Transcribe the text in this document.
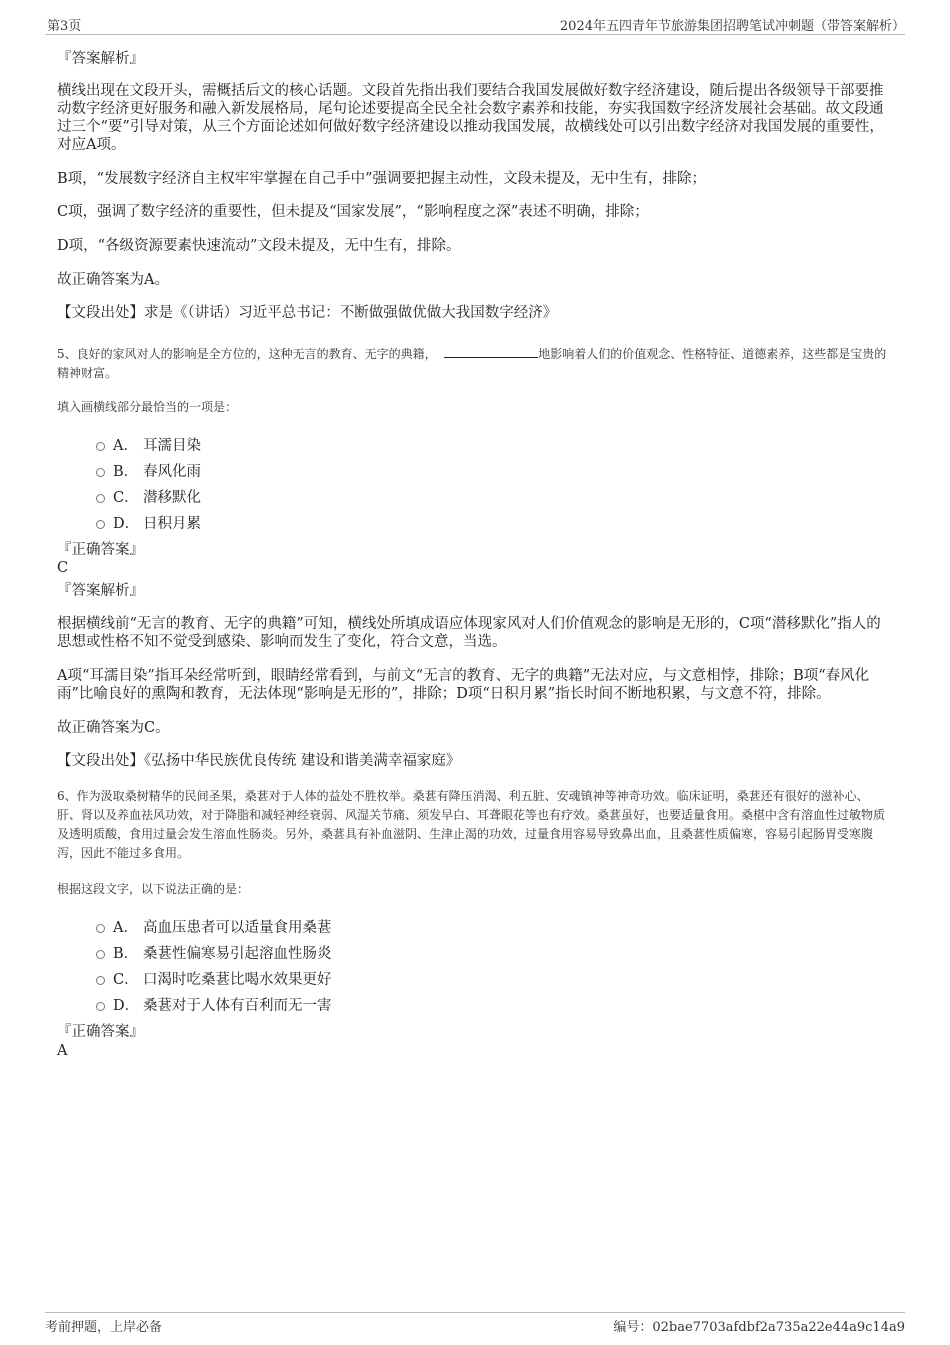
第3页	2024年五四青年节旅游集团招聘笔试冲刺题（带答案解析）
『答案解析』
横线出现在文段开头，需概括后文的核心话题。文段首先指出我们要结合我国发展做好数字经济建设，随后提出各级领导干部要推动数字经济更好服务和融入新发展格局，尾句论述要提高全民全社会数字素养和技能，夯实我国数字经济发展社会基础。故文段通过三个“要”引导对策，从三个方面论述如何做好数字经济建设以推动我国发展，故横线处可以引出数字经济对我国发展的重要性，对应A项。
B项，“发展数字经济自主权牢牢掌握在自己手中”强调要把握主动性，文段未提及，无中生有，排除；
C项，强调了数字经济的重要性，但未提及“国家发展”，“影响程度之深”表述不明确，排除；
D项，“各级资源要素快速流动”文段未提及，无中生有，排除。
故正确答案为A。
【文段出处】求是《（讲话）习近平总书记：不断做强做优做大我国数字经济》
5、良好的家风对人的影响是全方位的，这种无言的教育、无字的典籍，	地影响着人们的价值观念、性格特征、道德素养，这些都是宝贵的精神财富。
填入画横线部分最恰当的一项是：
A． 耳濡目染
B． 春风化雨
C． 潜移默化
D． 日积月累
『正确答案』
C
『答案解析』
根据横线前“无言的教育、无字的典籍”可知，横线处所填成语应体现家风对人们价值观念的影响是无形的，C项“潜移默化”指人的思想或性格不知不觉受到感染、影响而发生了变化，符合文意，当选。
A项“耳濡目染”指耳朵经常听到，眼睛经常看到，与前文“无言的教育、无字的典籍”无法对应，与文意相悖，排除；B项“春风化雨”比喻良好的熏陶和教育，无法体现“影响是无形的”，排除；D项“日积月累”指长时间不断地积累，与文意不符，排除。
故正确答案为C。
【文段出处】《弘扬中华民族优良传统 建设和谐美满幸福家庭》
6、作为汲取桑树精华的民间圣果，桑葚对于人体的益处不胜枚举。桑葚有降压消渴、利五脏、安魂镇神等神奇功效。临床证明，桑葚还有很好的滋补心、肝、肾以及养血祛风功效，对于降脂和减轻神经衰弱、风湿关节痛、须发早白、耳聋眼花等也有疗效。桑葚虽好，也要适量食用。桑椹中含有溶血性过敏物质及透明质酸，食用过量会发生溶血性肠炎。另外，桑葚具有补血滋阴、生津止渴的功效，过量食用容易导致鼻出血，且桑葚性质偏寒，容易引起肠胃受寒腹泻，因此不能过多食用。
根据这段文字，以下说法正确的是：
A． 高血压患者可以适量食用桑葚
B． 桑葚性偏寒易引起溶血性肠炎
C． 口渴时吃桑葚比喝水效果更好
D． 桑葚对于人体有百利而无一害
『正确答案』
A
考前押题，上岸必备	编号：02bae7703afdbf2a735a22e44a9c14a9
